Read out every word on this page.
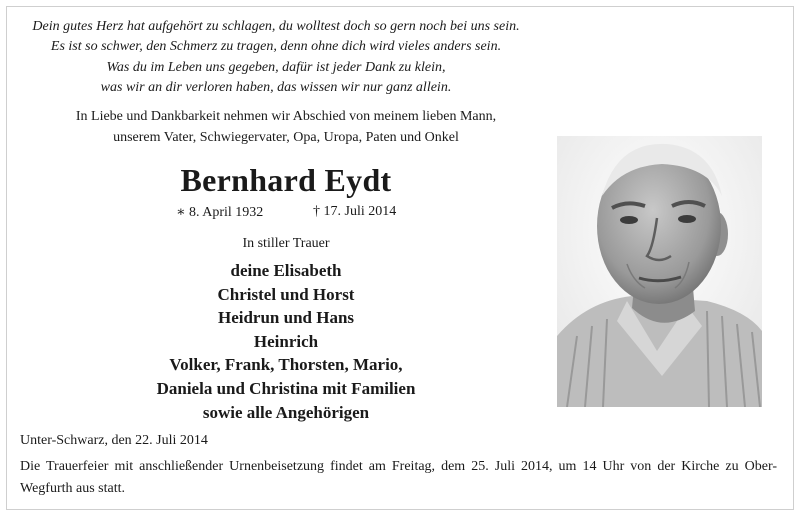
Dein gutes Herz hat aufgehört zu schlagen, du wolltest doch so gern noch bei uns sein.
Es ist so schwer, den Schmerz zu tragen, denn ohne dich wird vieles anders sein.
Was du im Leben uns gegeben, dafür ist jeder Dank zu klein,
was wir an dir verloren haben, das wissen wir nur ganz allein.
In Liebe und Dankbarkeit nehmen wir Abschied von meinem lieben Mann,
unserem Vater, Schwiegervater, Opa, Uropa, Paten und Onkel
Bernhard Eydt
∗ 8. April 1932	† 17. Juli 2014
In stiller Trauer
deine Elisabeth
Christel und Horst
Heidrun und Hans
Heinrich
Volker, Frank, Thorsten, Mario,
Daniela und Christina mit Familien
sowie alle Angehörigen
Unter-Schwarz, den 22. Juli 2014
Die Trauerfeier mit anschließender Urnenbeisetzung findet am Freitag, dem 25. Juli 2014, um 14 Uhr von der Kirche zu Ober-Wegfurth aus statt.
